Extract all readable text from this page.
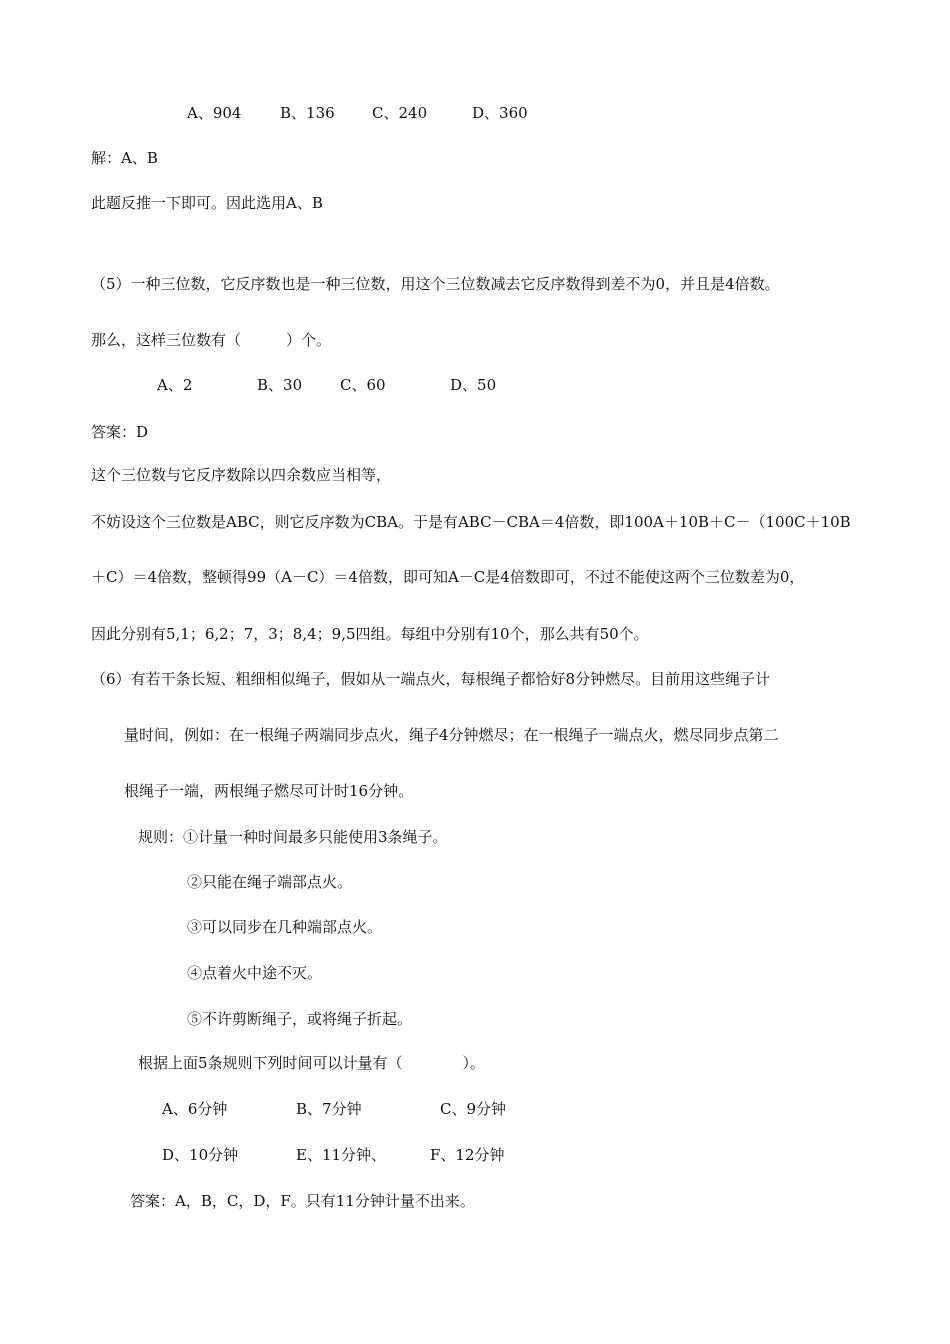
A、904	B、136 C、240	D、360
解：A、B
此题反推一下即可。因此选用A、B
（5）一种三位数，它反序数也是一种三位数，用这个三位数减去它反序数得到差不为0，并且是4倍数。
那么，这样三位数有（　　　）个。
A、2	B、30	C、60	D、50
答案：D
这个三位数与它反序数除以四余数应当相等，
不妨设这个三位数是ABC，则它反序数为CBA。于是有ABC－CBA＝4倍数，即100A＋10B＋C－（100C＋10B
＋C）＝4倍数，整顿得99（A－C）＝4倍数，即可知A－C是4倍数即可，不过不能使这两个三位数差为0，
因此分别有5,1；6,2；7，3；8,4；9,5四组。每组中分别有10个，那么共有50个。
（6）有若干条长短、粗细相似绳子，假如从一端点火，每根绳子都恰好8分钟燃尽。目前用这些绳子计
量时间，例如：在一根绳子两端同步点火，绳子4分钟燃尽；在一根绳子一端点火，燃尽同步点第二
根绳子一端，两根绳子燃尽可计时16分钟。
规则：①计量一种时间最多只能使用3条绳子。
②只能在绳子端部点火。
③可以同步在几种端部点火。
④点着火中途不灭。
⑤不许剪断绳子，或将绳子折起。
根据上面5条规则下列时间可以计量有（　　　　）。
A、6分钟	B、7分钟	C、9分钟
D、10分钟	E、11分钟、	F、12分钟
答案：A，B，C，D，F。只有11分钟计量不出来。
